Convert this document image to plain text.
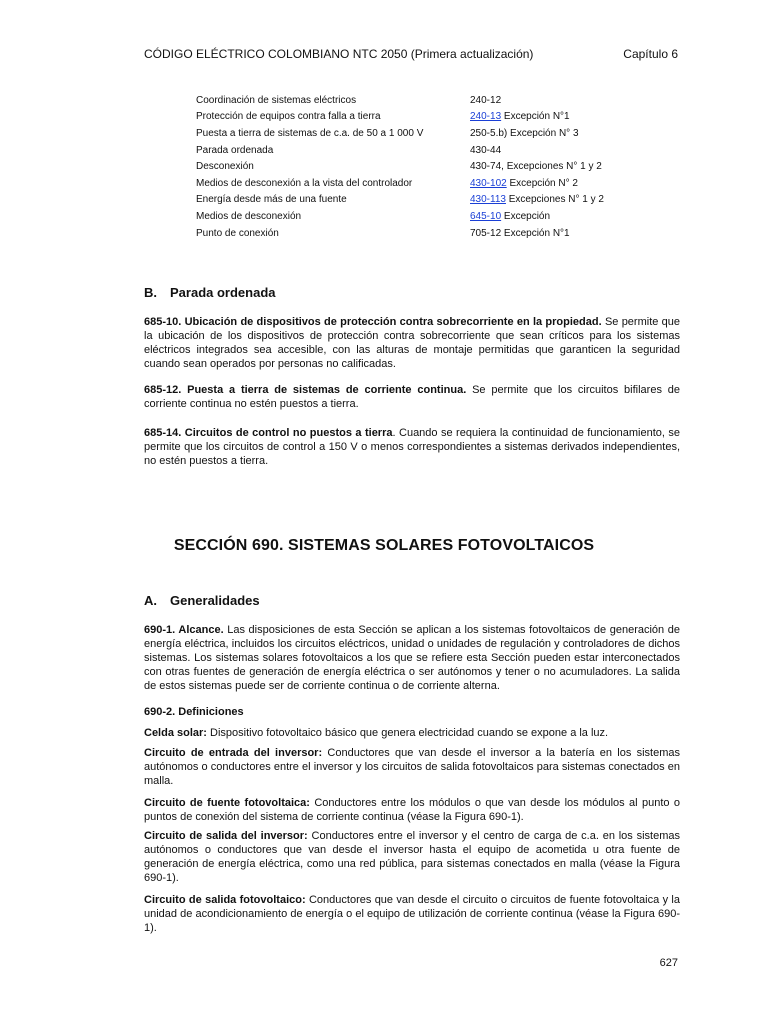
CÓDIGO ELÉCTRICO COLOMBIANO NTC 2050 (Primera actualización)	Capítulo 6
Coordinación de sistemas eléctricos	240-12
Protección de equipos contra falla a tierra	240-13 Excepción N°1
Puesta a tierra de sistemas de c.a. de 50 a 1 000 V	250-5.b) Excepción N° 3
Parada ordenada	430-44
Desconexión	430-74, Excepciones N° 1 y 2
Medios de desconexión a la vista del controlador	430-102 Excepción N° 2
Energía desde más de una fuente	430-113 Excepciones N° 1 y 2
Medios de desconexión	645-10 Excepción
Punto de conexión	705-12 Excepción N°1
B. Parada ordenada
685-10. Ubicación de dispositivos de protección contra sobrecorriente en la propiedad. Se permite que la ubicación de los dispositivos de protección contra sobrecorriente que sean críticos para los sistemas eléctricos integrados sea accesible, con las alturas de montaje permitidas que garanticen la seguridad cuando sean operados por personas no calificadas.
685-12. Puesta a tierra de sistemas de corriente continua. Se permite que los circuitos bifilares de corriente continua no estén puestos a tierra.
685-14. Circuitos de control no puestos a tierra. Cuando se requiera la continuidad de funcionamiento, se permite que los circuitos de control a 150 V o menos correspondientes a sistemas derivados independientes, no estén puestos a tierra.
SECCIÓN 690. SISTEMAS SOLARES FOTOVOLTAICOS
A. Generalidades
690-1. Alcance. Las disposiciones de esta Sección se aplican a los sistemas fotovoltaicos de generación de energía eléctrica, incluidos los circuitos eléctricos, unidad o unidades de regulación y controladores de dichos sistemas. Los sistemas solares fotovoltaicos a los que se refiere esta Sección pueden estar interconectados con otras fuentes de generación de energía eléctrica o ser autónomos y tener o no acumuladores. La salida de estos sistemas puede ser de corriente continua o de corriente alterna.
690-2. Definiciones
Celda solar: Dispositivo fotovoltaico básico que genera electricidad cuando se expone a la luz.
Circuito de entrada del inversor: Conductores que van desde el inversor a la batería en los sistemas autónomos o conductores entre el inversor y los circuitos de salida fotovoltaicos para sistemas conectados en malla.
Circuito de fuente fotovoltaica: Conductores entre los módulos o que van desde los módulos al punto o puntos de conexión del sistema de corriente continua (véase la Figura 690-1).
Circuito de salida del inversor: Conductores entre el inversor y el centro de carga de c.a. en los sistemas autónomos o conductores que van desde el inversor hasta el equipo de acometida u otra fuente de generación de energía eléctrica, como una red pública, para sistemas conectados en malla (véase la Figura 690-1).
Circuito de salida fotovoltaico: Conductores que van desde el circuito o circuitos de fuente fotovoltaica y la unidad de acondicionamiento de energía o el equipo de utilización de corriente continua (véase la Figura 690-1).
627
